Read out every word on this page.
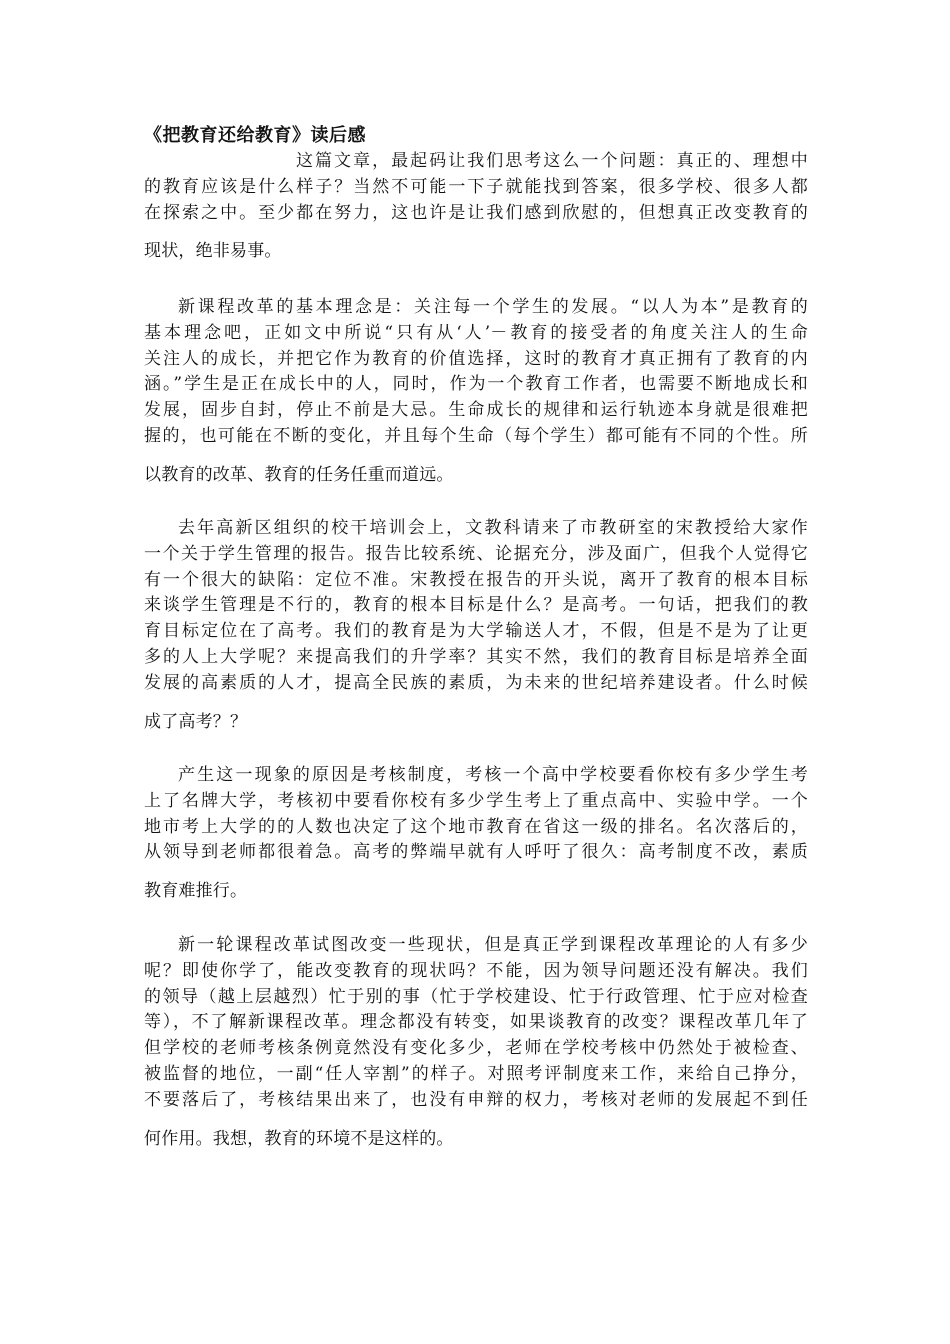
《把教育还给教育》读后感
这篇文章，最起码让我们思考这么一个问题：真正的、理想中
的教育应该是什么样子？当然不可能一下子就能找到答案，很多学校、很多人都
在探索之中。至少都在努力，这也许是让我们感到欣慰的，但想真正改变教育的
现状，绝非易事。
新课程改革的基本理念是：关注每一个学生的发展。“以人为本”是教育的
基本理念吧，正如文中所说“只有从‘人’－教育的接受者的角度关注人的生命
关注人的成长，并把它作为教育的价值选择，这时的教育才真正拥有了教育的内
涵。”学生是正在成长中的人，同时，作为一个教育工作者，也需要不断地成长和
发展，固步自封，停止不前是大忌。生命成长的规律和运行轨迹本身就是很难把
握的，也可能在不断的变化，并且每个生命（每个学生）都可能有不同的个性。所
以教育的改革、教育的任务任重而道远。
去年高新区组织的校干培训会上，文教科请来了市教研室的宋教授给大家作
一个关于学生管理的报告。报告比较系统、论据充分，涉及面广，但我个人觉得它
有一个很大的缺陷：定位不准。宋教授在报告的开头说，离开了教育的根本目标
来谈学生管理是不行的，教育的根本目标是什么？是高考。一句话，把我们的教
育目标定位在了高考。我们的教育是为大学输送人才，不假，但是不是为了让更
多的人上大学呢？来提高我们的升学率？其实不然，我们的教育目标是培养全面
发展的高素质的人才，提高全民族的素质，为未来的世纪培养建设者。什么时候
成了高考？？
产生这一现象的原因是考核制度，考核一个高中学校要看你校有多少学生考
上了名牌大学，考核初中要看你校有多少学生考上了重点高中、实验中学。一个
地市考上大学的的人数也决定了这个地市教育在省这一级的排名。名次落后的，
从领导到老师都很着急。高考的弊端早就有人呼吁了很久：高考制度不改，素质
教育难推行。
新一轮课程改革试图改变一些现状，但是真正学到课程改革理论的人有多少
呢？即使你学了，能改变教育的现状吗？不能，因为领导问题还没有解决。我们
的领导（越上层越烈）忙于别的事（忙于学校建设、忙于行政管理、忙于应对检查
等），不了解新课程改革。理念都没有转变，如果谈教育的改变？课程改革几年了
但学校的老师考核条例竟然没有变化多少，老师在学校考核中仍然处于被检查、
被监督的地位，一副“任人宰割”的样子。对照考评制度来工作，来给自己挣分，
不要落后了，考核结果出来了，也没有申辩的权力，考核对老师的发展起不到任
何作用。我想，教育的环境不是这样的。
